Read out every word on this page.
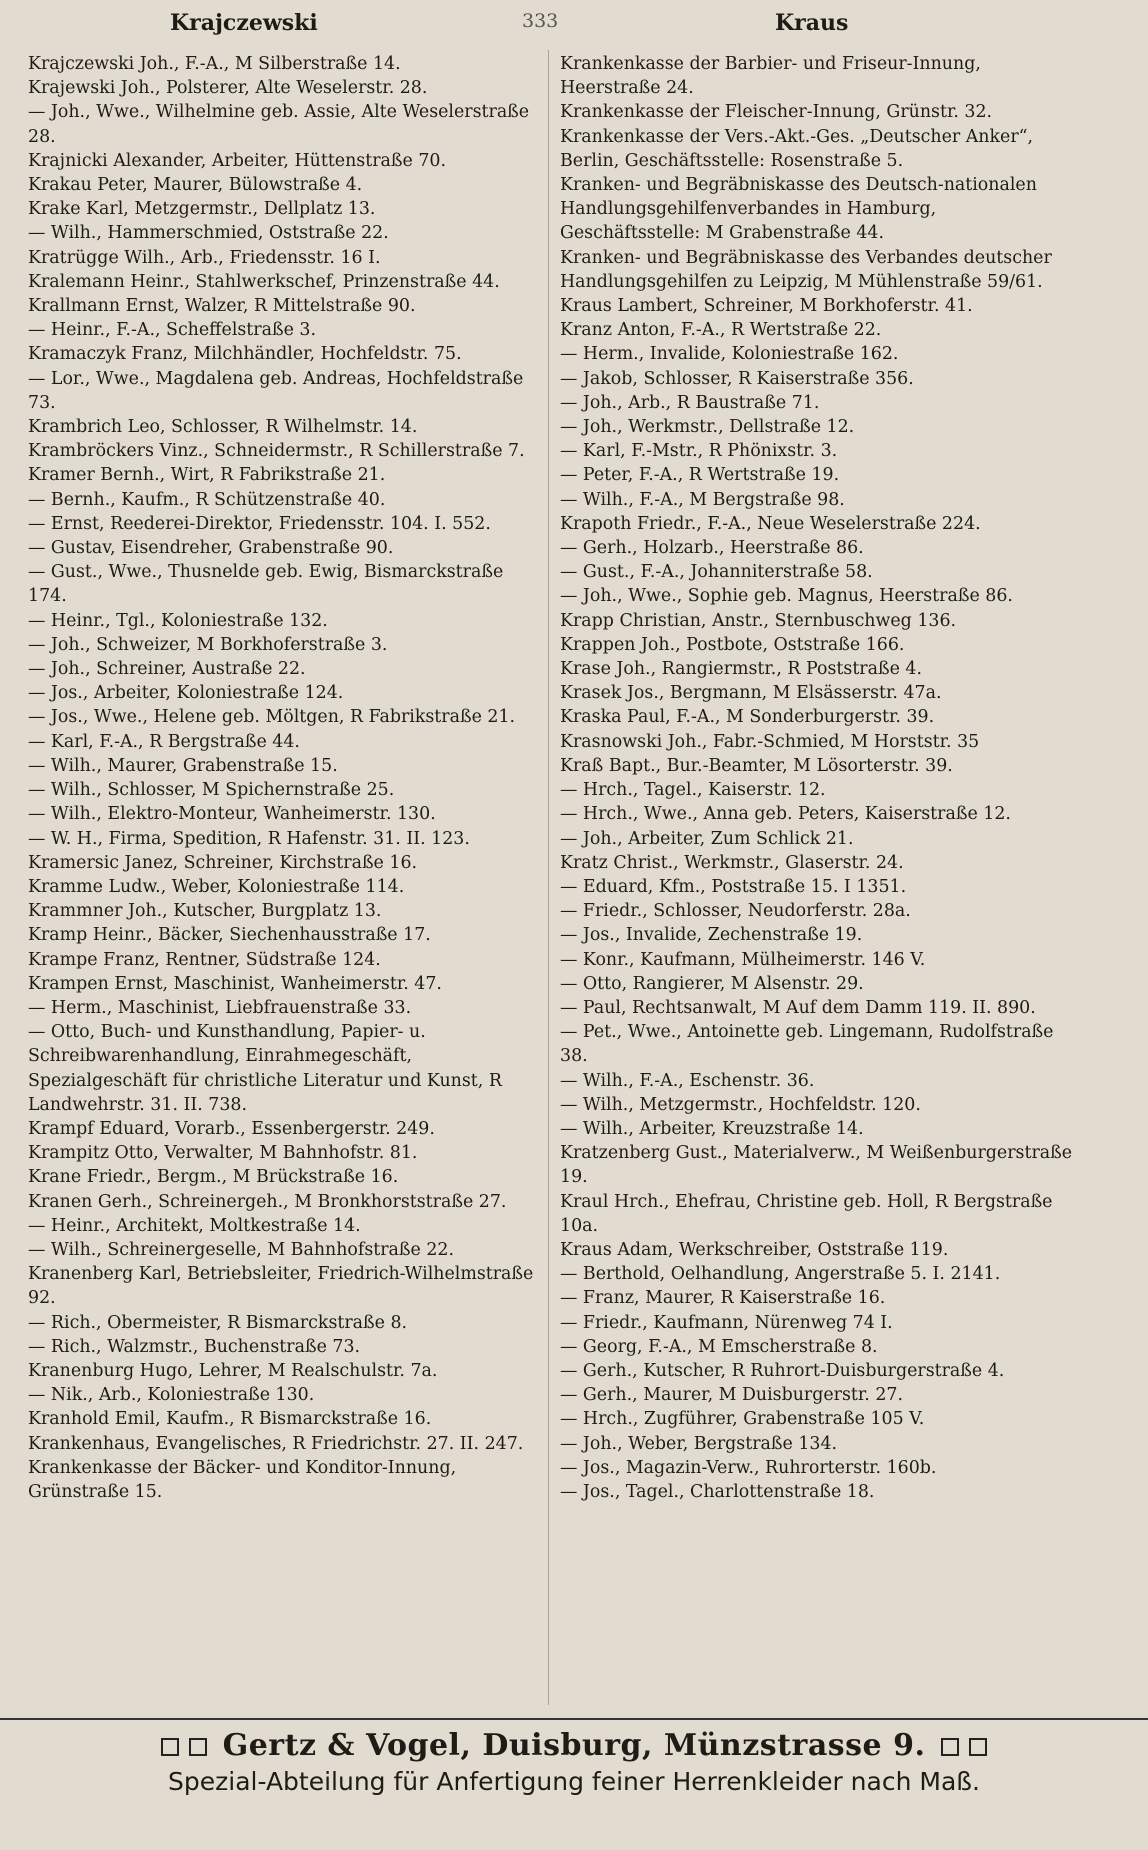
Krajczewski	333	Kraus
Krajczewski Joh., F.-A., M Silberstraße 14.
Krajewski Joh., Polsterer, Alte Weselerstr. 28.
— Joh., Wwe., Wilhelmine geb. Assie, Alte Weselerstraße 28.
Krajnicki Alexander, Arbeiter, Hüttenstraße 70.
Krakau Peter, Maurer, Bülowstraße 4.
Krake Karl, Metzgermstr., Dellplatz 13.
— Wilh., Hammerschmied, Oststraße 22.
Kratrügge Wilh., Arb., Friedensstr. 16 I.
Kralemann Heinr., Stahlwerkschef, Prinzenstraße 44.
Krallmann Ernst, Walzer, R Mittelstraße 90.
— Heinr., F.-A., Scheffelstraße 3.
Kramaczyk Franz, Milchhändler, Hochfeldstr. 75.
— Lor., Wwe., Magdalena geb. Andreas, Hochfeldstraße 73.
Krambrich Leo, Schlosser, R Wilhelmstr. 14.
Krambröckers Vinz., Schneidermstr., R Schillerstraße 7.
Kramer Bernh., Wirt, R Fabrikstraße 21.
— Bernh., Kaufm., R Schützenstraße 40.
— Ernst, Reederei-Direktor, Friedensstr. 104. I. 552.
— Gustav, Eisendreher, Grabenstraße 90.
— Gust., Wwe., Thusnelde geb. Ewig, Bismarckstraße 174.
— Heinr., Tgl., Koloniestraße 132.
— Joh., Schweizer, M Borkhoferstraße 3.
— Joh., Schreiner, Austraße 22.
— Jos., Arbeiter, Koloniestraße 124.
— Jos., Wwe., Helene geb. Möltgen, R Fabrikstraße 21.
— Karl, F.-A., R Bergstraße 44.
— Wilh., Maurer, Grabenstraße 15.
— Wilh., Schlosser, M Spichernstraße 25.
— Wilh., Elektro-Monteur, Wanheimerstr. 130.
— W. H., Firma, Spedition, R Hafenstr. 31. II. 123.
Kramersic Janez, Schreiner, Kirchstraße 16.
Kramme Ludw., Weber, Koloniestraße 114.
Krammner Joh., Kutscher, Burgplatz 13.
Kramp Heinr., Bäcker, Siechenhausstraße 17.
Krampe Franz, Rentner, Südstraße 124.
Krampen Ernst, Maschinist, Wanheimerstr. 47.
— Herm., Maschinist, Liebfrauenstraße 33.
— Otto, Buch- und Kunsthandlung, Papier- u. Schreibwarenhandlung, Einrahmegeschäft, Spezialgeschäft für christliche Literatur und Kunst, R Landwehrstr. 31. II. 738.
Krampf Eduard, Vorarb., Essenbergerstr. 249.
Krampitz Otto, Verwalter, M Bahnhofstr. 81.
Krane Friedr., Bergm., M Brückstraße 16.
Kranen Gerh., Schreinergeh., M Bronkhorststraße 27.
— Heinr., Architekt, Moltkestraße 14.
— Wilh., Schreinergeselle, M Bahnhofstraße 22.
Kranenberg Karl, Betriebsleiter, Friedrich-Wilhelmstraße 92.
— Rich., Obermeister, R Bismarckstraße 8.
— Rich., Walzmstr., Buchenstraße 73.
Kranenburg Hugo, Lehrer, M Realschulstr. 7a.
— Nik., Arb., Koloniestraße 130.
Kranhold Emil, Kaufm., R Bismarckstraße 16.
Krankenhaus, Evangelisches, R Friedrichstr. 27. II. 247.
Krankenkasse der Bäcker- und Konditor-Innung, Grünstraße 15.
Krankenkasse der Barbier- und Friseur-Innung, Heerstraße 24.
Krankenkasse der Fleischer-Innung, Grünstr. 32.
Krankenkasse der Vers.-Akt.-Ges. „Deutscher Anker“, Berlin, Geschäftsstelle: Rosenstraße 5.
Kranken- und Begräbniskasse des Deutsch-nationalen Handlungsgehilfenverbandes in Hamburg, Geschäftsstelle: M Grabenstraße 44.
Kranken- und Begräbniskasse des Verbandes deutscher Handlungsgehilfen zu Leipzig, M Mühlenstraße 59/61.
Kraus Lambert, Schreiner, M Borkhoferstr. 41.
Kranz Anton, F.-A., R Wertstraße 22.
— Herm., Invalide, Koloniestraße 162.
— Jakob, Schlosser, R Kaiserstraße 356.
— Joh., Arb., R Baustraße 71.
— Joh., Werkmstr., Dellstraße 12.
— Karl, F.-Mstr., R Phönixstr. 3.
— Peter, F.-A., R Wertstraße 19.
— Wilh., F.-A., M Bergstraße 98.
Krapoth Friedr., F.-A., Neue Weselerstraße 224.
— Gerh., Holzarb., Heerstraße 86.
— Gust., F.-A., Johanniterstraße 58.
— Joh., Wwe., Sophie geb. Magnus, Heerstraße 86.
Krapp Christian, Anstr., Sternbuschweg 136.
Krappen Joh., Postbote, Oststraße 166.
Krase Joh., Rangiermstr., R Poststraße 4.
Krasek Jos., Bergmann, M Elsässerstr. 47a.
Kraska Paul, F.-A., M Sonderburgerstr. 39.
Krasnowski Joh., Fabr.-Schmied, M Horststr. 35
Kraß Bapt., Bur.-Beamter, M Lösorterstr. 39.
— Hrch., Tagel., Kaiserstr. 12.
— Hrch., Wwe., Anna geb. Peters, Kaiserstraße 12.
— Joh., Arbeiter, Zum Schlick 21.
Kratz Christ., Werkmstr., Glaserstr. 24.
— Eduard, Kfm., Poststraße 15. I 1351.
— Friedr., Schlosser, Neudorferstr. 28a.
— Jos., Invalide, Zechenstraße 19.
— Konr., Kaufmann, Mülheimerstr. 146 V.
— Otto, Rangierer, M Alsenstr. 29.
— Paul, Rechtsanwalt, M Auf dem Damm 119. II. 890.
— Pet., Wwe., Antoinette geb. Lingemann, Rudolfstraße 38.
— Wilh., F.-A., Eschenstr. 36.
— Wilh., Metzgermstr., Hochfeldstr. 120.
— Wilh., Arbeiter, Kreuzstraße 14.
Kratzenberg Gust., Materialverw., M Weißenburgerstraße 19.
Kraul Hrch., Ehefrau, Christine geb. Holl, R Bergstraße 10a.
Kraus Adam, Werkschreiber, Oststraße 119.
— Berthold, Oelhandlung, Angerstraße 5. I. 2141.
— Franz, Maurer, R Kaiserstraße 16.
— Friedr., Kaufmann, Nürenweg 74 I.
— Georg, F.-A., M Emscherstraße 8.
— Gerh., Kutscher, R Ruhrort-Duisburgerstraße 4.
— Gerh., Maurer, M Duisburgerstr. 27.
— Hrch., Zugführer, Grabenstraße 105 V.
— Joh., Weber, Bergstraße 134.
— Jos., Magazin-Verw., Ruhrorterstr. 160b.
— Jos., Tagel., Charlottenstraße 18.
Gertz & Vogel, Duisburg, Münzstrasse 9.
Spezial-Abteilung für Anfertigung feiner Herrenkleider nach Maß.
